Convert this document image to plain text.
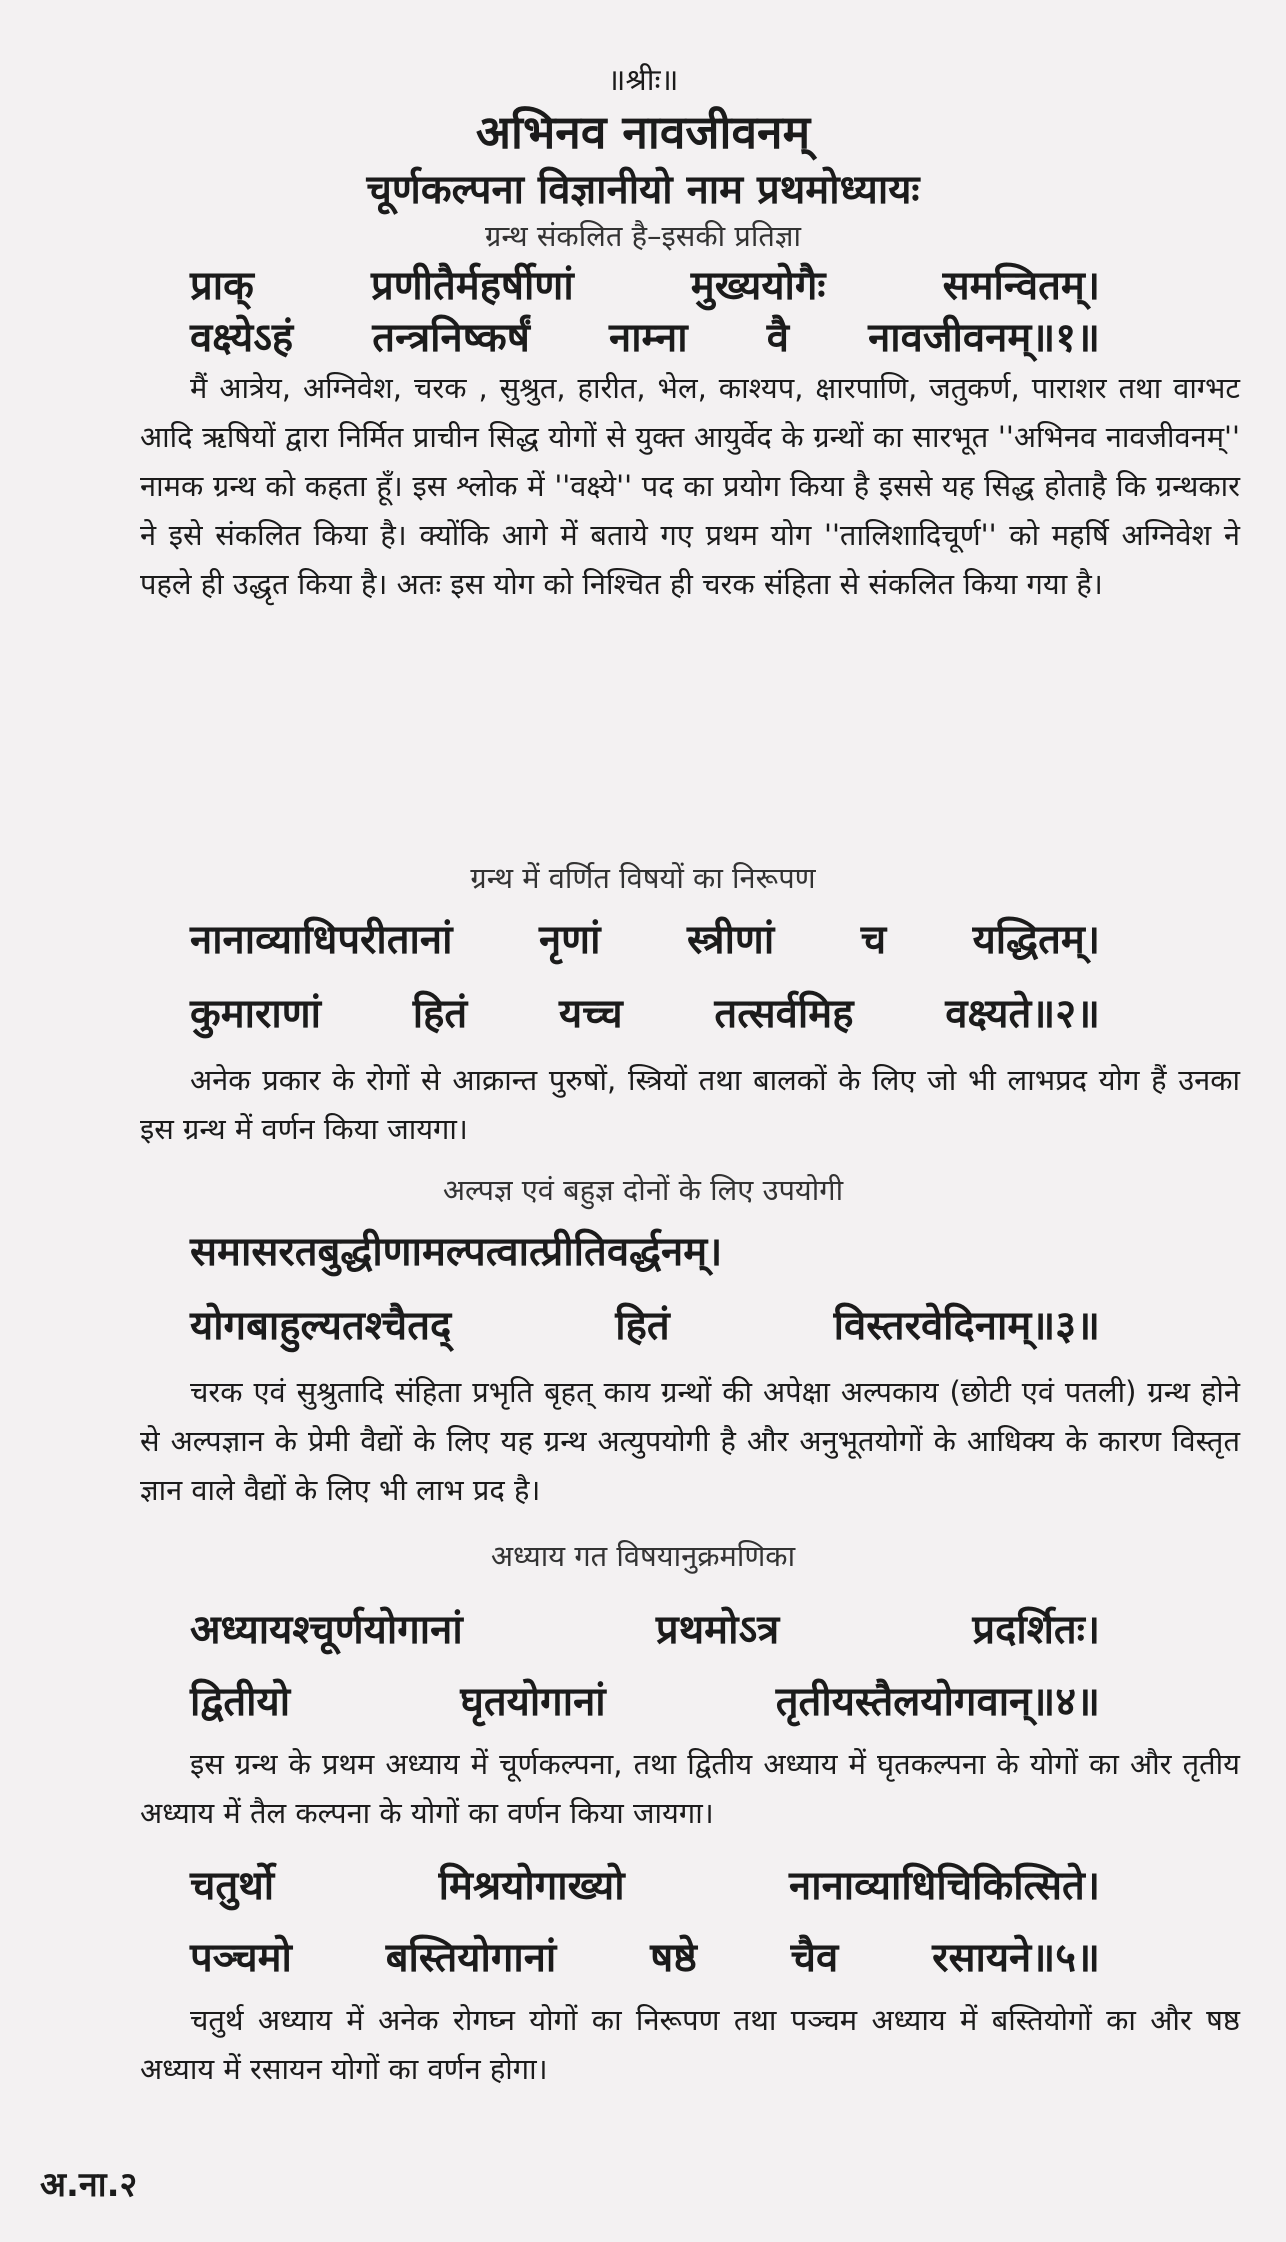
॥श्रीः॥
अभिनव नावजीवनम्
चूर्णकल्पना विज्ञानीयो नाम प्रथमोध्यायः
ग्रन्थ संकलित है–इसकी प्रतिज्ञा
प्राक्	प्रणीतैर्महर्षीणां	मुख्ययोगैः	समन्वितम्।
वक्ष्येऽहं तन्त्रनिष्कर्षं नाम्ना वै नावजीवनम्॥१॥
मैं आत्रेय, अग्निवेश, चरक , सुश्रुत, हारीत, भेल, काश्यप, क्षारपाणि, जतुकर्ण, पाराशर तथा वाग्भट आदि ऋषियों द्वारा निर्मित प्राचीन सिद्ध योगों से युक्त आयुर्वेद के ग्रन्थों का सारभूत ''अभिनव नावजीवनम्'' नामक ग्रन्थ को कहता हूँ। इस श्लोक में ''वक्ष्ये'' पद का प्रयोग किया है इससे यह सिद्ध होताहै कि ग्रन्थकार ने इसे संकलित किया है। क्योंकि आगे में बताये गए प्रथम योग ''तालिशादिचूर्ण'' को महर्षि अग्निवेश ने पहले ही उद्धृत किया है। अतः इस योग को निश्चित ही चरक संहिता से संकलित किया गया है।
ग्रन्थ में वर्णित विषयों का निरूपण
नानाव्याधिपरीतानां नृणां स्त्रीणां च यद्धितम्।
कुमाराणां हितं यच्च तत्सर्वमिह वक्ष्यते॥२॥
अनेक प्रकार के रोगों से आक्रान्त पुरुषों, स्त्रियों तथा बालकों के लिए जो भी लाभप्रद योग हैं उनका इस ग्रन्थ में वर्णन किया जायगा।
अल्पज्ञ एवं बहुज्ञ दोनों के लिए उपयोगी
समासरतबुद्धीणामल्पत्वात्प्रीतिवर्द्धनम्।
योगबाहुल्यतश्चैतद्	हितं	विस्तरवेदिनाम्॥३॥
चरक एवं सुश्रुतादि संहिता प्रभृति बृहत् काय ग्रन्थों की अपेक्षा अल्पकाय (छोटी एवं पतली) ग्रन्थ होने से अल्पज्ञान के प्रेमी वैद्यों के लिए यह ग्रन्थ अत्युपयोगी है और अनुभूतयोगों के आधिक्य के कारण विस्तृत ज्ञान वाले वैद्यों के लिए भी लाभ प्रद है।
अध्याय गत विषयानुक्रमणिका
अध्यायश्चूर्णयोगानां	प्रथमोऽत्र	प्रदर्शितः।
द्वितीयो	घृतयोगानां	तृतीयस्तैलयोगवान्॥४॥
इस ग्रन्थ के प्रथम अध्याय में चूर्णकल्पना, तथा द्वितीय अध्याय में घृतकल्पना के योगों का और तृतीय अध्याय में तैल कल्पना के योगों का वर्णन किया जायगा।
चतुर्थो	मिश्रयोगाख्यो	नानाव्याधिचिकित्सिते।
पञ्चमो बस्तियोगानां षष्ठे चैव रसायने॥५॥
चतुर्थ अध्याय में अनेक रोगघ्न योगों का निरूपण तथा पञ्चम अध्याय में बस्तियोगों का और षष्ठ अध्याय में रसायन योगों का वर्णन होगा।
अ.ना.२
